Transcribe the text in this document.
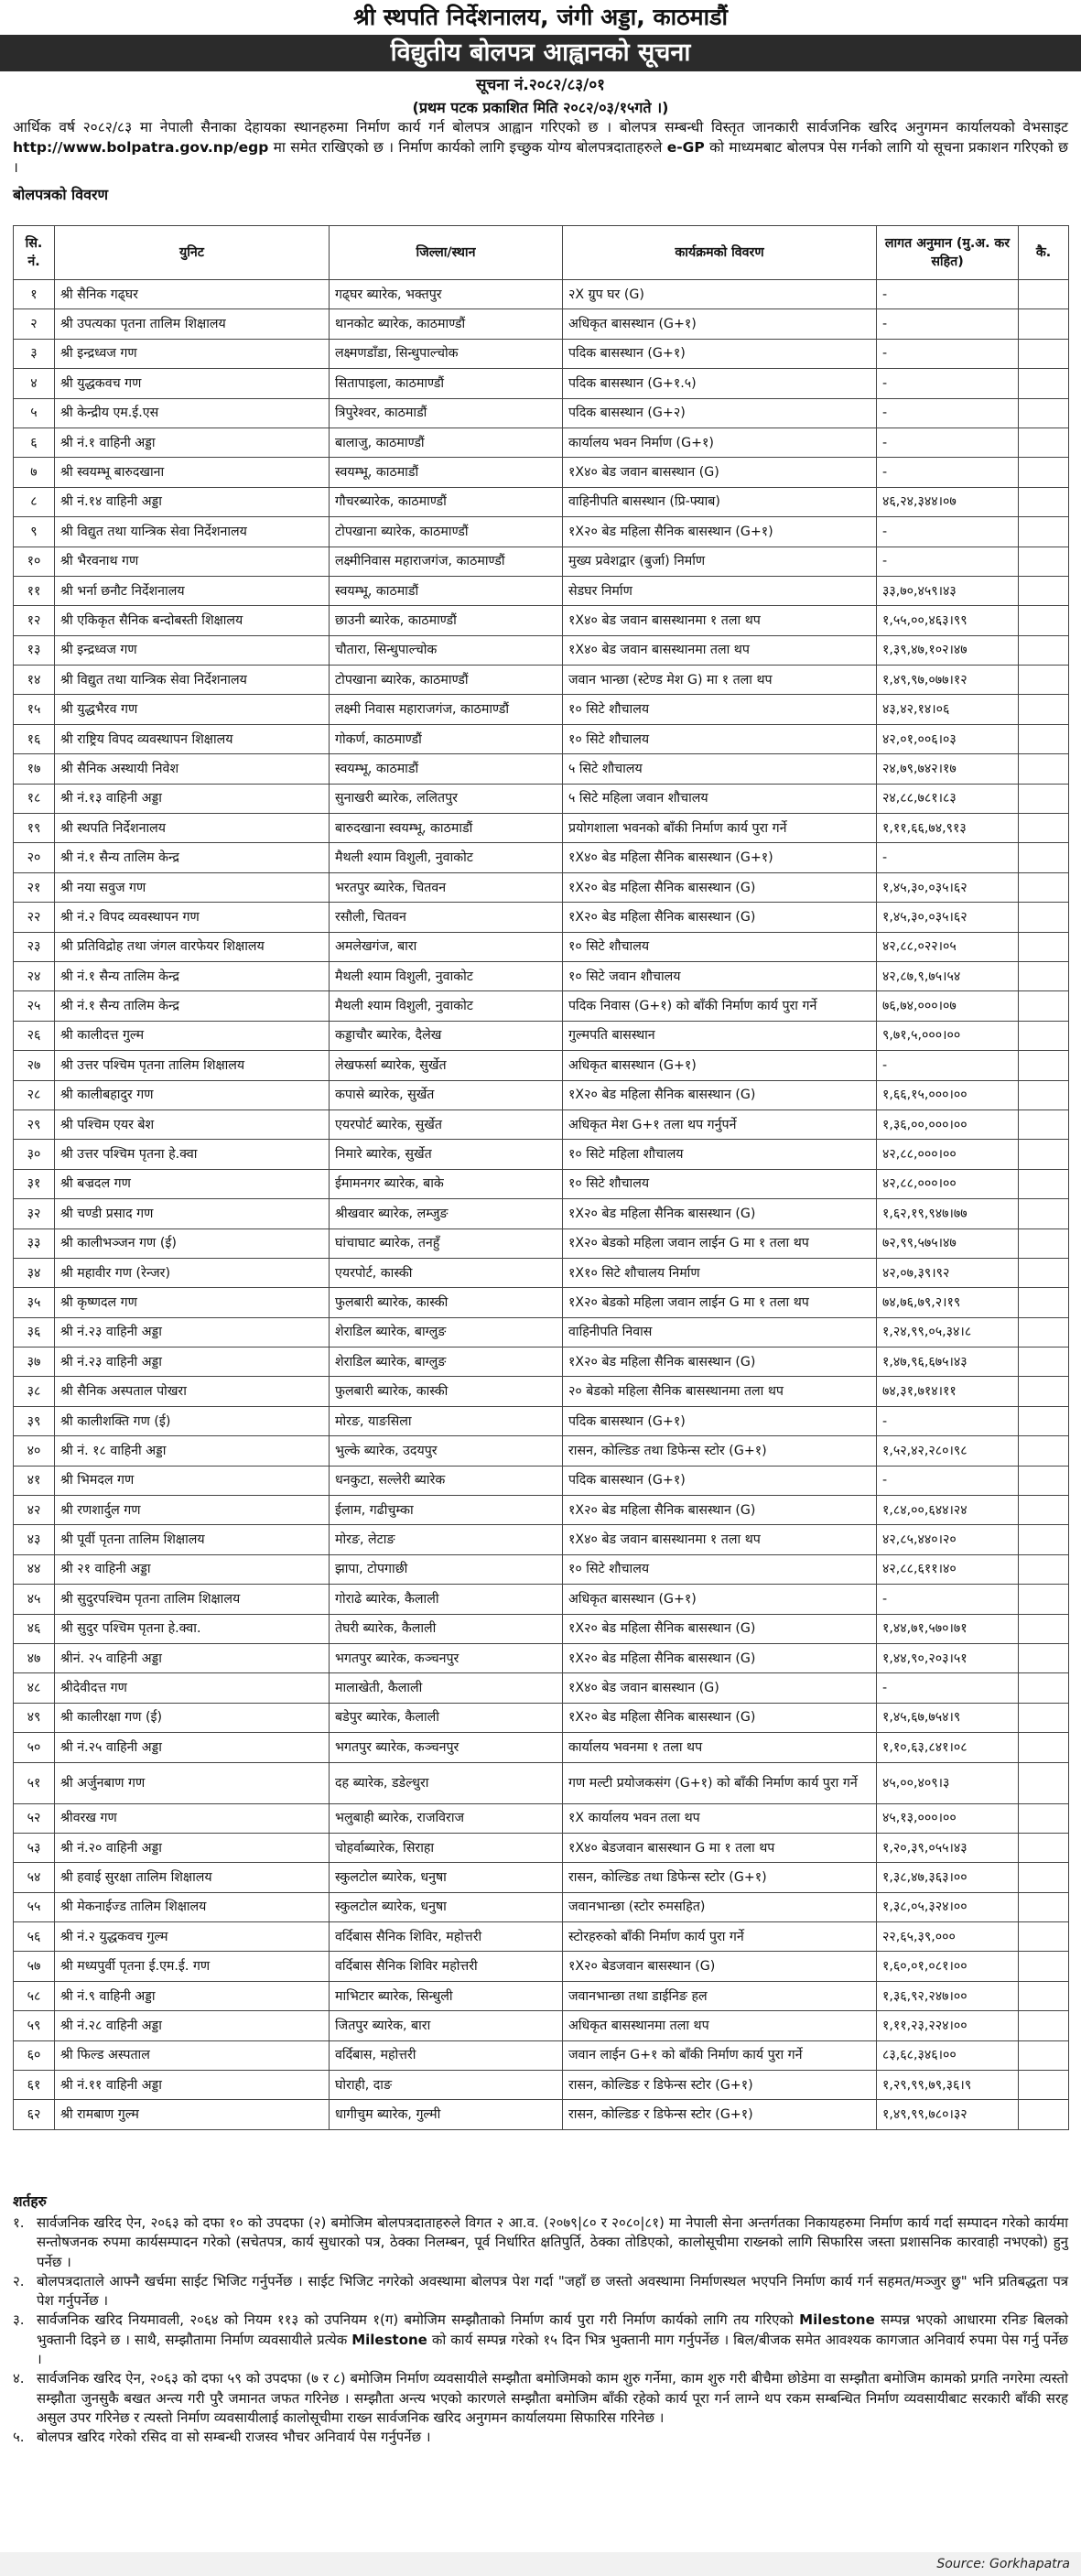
श्री स्थपति निर्देशनालय, जंगी अड्डा, काठमाडौं
विद्युतीय बोलपत्र आह्वानको सूचना
सूचना नं.२०८२/८३/०१
(प्रथम पटक प्रकाशित मिति २०८२/०३/१५गते ।)
आर्थिक वर्ष २०८२/८३ मा नेपाली सैनाका देहायका स्थानहरुमा निर्माण कार्य गर्न बोलपत्र आह्वान गरिएको छ । बोलपत्र सम्बन्धी विस्तृत जानकारी सार्वजनिक खरिद अनुगमन कार्यालयको वेभसाइट http://www.bolpatra.gov.np/egp मा समेत राखिएको छ । निर्माण कार्यको लागि इच्छुक योग्य बोलपत्रदाताहरुले e-GP को माध्यमबाट बोलपत्र पेस गर्नको लागि यो सूचना प्रकाशन गरिएको छ ।
बोलपत्रको विवरण
सि. नं.	युनिट	जिल्ला/स्थान	कार्यक्रमको विवरण	लागत अनुमान (मु.अ. कर सहित)	कै.
१	श्री सैनिक गढ्घर	गढ्घर ब्यारेक, भक्तपुर	२X ग्रुप घर (G)	-	
२	श्री उपत्यका पृतना तालिम शिक्षालय	थानकोट ब्यारेक, काठमाण्डौं	अधिकृत बासस्थान (G+१)	-	
३	श्री इन्द्रध्वज गण	लक्ष्मणडाँडा, सिन्धुपाल्चोक	पदिक बासस्थान (G+१)	-	
४	श्री युद्धकवच गण	सितापाइला, काठमाण्डौं	पदिक बासस्थान (G+१.५)	-	
५	श्री केन्द्रीय एम.ई.एस	त्रिपुरेश्वर, काठमाडौं	पदिक बासस्थान (G+२)	-	
६	श्री नं.१ वाहिनी अड्डा	बालाजु, काठमाण्डौं	कार्यालय भवन निर्माण (G+१)	-	
७	श्री स्वयम्भू बारुदखाना	स्वयम्भू, काठमाडौं	१X४० बेड जवान बासस्थान (G)	-	
८	श्री नं.१४ वाहिनी अड्डा	गौचरब्यारेक, काठमाण्डौं	वाहिनीपति बासस्थान (प्रि-फ्याब)	४६,२४,३४४।०७	
९	श्री विद्युत तथा यान्त्रिक सेवा निर्देशनालय	टोपखाना ब्यारेक, काठमाण्डौं	१X२० बेड महिला सैनिक बासस्थान (G+१)	-	
१०	श्री भैरवनाथ गण	लक्ष्मीनिवास महाराजगंज, काठमाण्डौं	मुख्य प्रवेशद्वार (बुर्जा) निर्माण	-	
११	श्री भर्ना छनौट निर्देशनालय	स्वयम्भू, काठमाडौं	सेडघर निर्माण	३३,७०,४५९।४३	
१२	श्री एकिकृत सैनिक बन्दोबस्ती शिक्षालय	छाउनी ब्यारेक, काठमाण्डौं	१X४० बेड जवान बासस्थानमा १ तला थप	१,५५,००,४६३।९९	
१३	श्री इन्द्रध्वज गण	चौतारा, सिन्धुपाल्चोक	१X४० बेड जवान बासस्थानमा तला थप	१,३९,४७,१०२।४७	
१४	श्री विद्युत तथा यान्त्रिक सेवा निर्देशनालय	टोपखाना ब्यारेक, काठमाण्डौं	जवान भान्छा (स्टेण्ड मेश G) मा १ तला थप	१,४९,९७,०७७।१२	
१५	श्री युद्धभैरव गण	लक्ष्मी निवास महाराजगंज, काठमाण्डौं	१० सिटे शौचालय	४३,४२,१४।०६	
१६	श्री राष्ट्रिय विपद व्यवस्थापन शिक्षालय	गोकर्ण, काठमाण्डौं	१० सिटे शौचालय	४२,०१,००६।०३	
१७	श्री सैनिक अस्थायी निवेश	स्वयम्भू, काठमाडौं	५ सिटे शौचालय	२४,७९,७४२।१७	
१८	श्री नं.१३ वाहिनी अड्डा	सुनाखरी ब्यारेक, ललितपुर	५ सिटे महिला जवान शौचालय	२४,८८,७८१।८३	
१९	श्री स्थपति निर्देशनालय	बारुदखाना स्वयम्भू, काठमाडौं	प्रयोगशाला भवनको बाँकी निर्माण कार्य पुरा गर्ने	१,११,६६,७४,९१३	
२०	श्री नं.१ सैन्य तालिम केन्द्र	मैथली श्याम विशुली, नुवाकोट	१X४० बेड महिला सैनिक बासस्थान (G+१)	-	
२१	श्री नया सवुज गण	भरतपुर ब्यारेक, चितवन	१X२० बेड महिला सैनिक बासस्थान (G)	१,४५,३०,०३५।६२	
२२	श्री नं.२ विपद व्यवस्थापन गण	रसौली, चितवन	१X२० बेड महिला सैनिक बासस्थान (G)	१,४५,३०,०३५।६२	
२३	श्री प्रतिविद्रोह तथा जंगल वारफेयर शिक्षालय	अमलेखगंज, बारा	१० सिटे शौचालय	४२,८८,०२२।०५	
२४	श्री नं.१ सैन्य तालिम केन्द्र	मैथली श्याम विशुली, नुवाकोट	१० सिटे जवान शौचालय	४२,८७,९,७५।५४	
२५	श्री नं.१ सैन्य तालिम केन्द्र	मैथली श्याम विशुली, नुवाकोट	पदिक निवास (G+१) को बाँकी निर्माण कार्य पुरा गर्ने	७६,७४,०००।०७	
२६	श्री कालीदत्त गुल्म	कड्डाचौर ब्यारेक, दैलेख	गुल्मपति बासस्थान	९,७१,५,०००।००	
२७	श्री उत्तर पश्चिम पृतना तालिम शिक्षालय	लेखफर्सा ब्यारेक, सुर्खेत	अधिकृत बासस्थान (G+१)	-	
२८	श्री कालीबहादुर गण	कपासे ब्यारेक, सुर्खेत	१X२० बेड महिला सैनिक बासस्थान (G)	१,६६,१५,०००।००	
२९	श्री पश्चिम एयर बेश	एयरपोर्ट ब्यारेक, सुर्खेत	अधिकृत मेश G+१ तला थप गर्नुपर्ने	१,३६,००,०००।००	
३०	श्री उत्तर पश्चिम पृतना हे.क्वा	निमारे ब्यारेक, सुर्खेत	१० सिटे महिला शौचालय	४२,८८,०००।००	
३१	श्री बज्रदल गण	ईमामनगर ब्यारेक, बाके	१० सिटे शौचालय	४२,८८,०००।००	
३२	श्री चण्डी प्रसाद गण	श्रीखवार ब्यारेक, लम्जुङ	१X२० बेड महिला सैनिक बासस्थान (G)	१,६२,१९,९४७।७७	
३३	श्री कालीभञ्जन गण (ई)	घांचाघाट ब्यारेक, तनहुँ	१X२० बेडको महिला जवान लाईन G मा १ तला थप	७२,९९,५७५।४७	
३४	श्री महावीर गण (रेन्जर)	एयरपोर्ट, कास्की	१X१० सिटे शौचालय निर्माण	४२,०७,३९।९२	
३५	श्री कृष्णदल गण	फुलबारी ब्यारेक, कास्की	१X२० बेडको महिला जवान लाईन G मा १ तला थप	७४,७६,७९,२।१९	
३६	श्री नं.२३ वाहिनी अड्डा	शेराडिल ब्यारेक, बाग्लुङ	वाहिनीपति निवास	१,२४,९९,०५,३४।८	
३७	श्री नं.२३ वाहिनी अड्डा	शेराडिल ब्यारेक, बाग्लुङ	१X२० बेड महिला सैनिक बासस्थान (G)	१,४७,९६,६७५।४३	
३८	श्री सैनिक अस्पताल पोखरा	फुलबारी ब्यारेक, कास्की	२० बेडको महिला सैनिक बासस्थानमा तला थप	७४,३१,७१४।११	
३९	श्री कालीशक्ति गण (ई)	मोरङ, याङसिला	पदिक बासस्थान (G+१)	-	
४०	श्री नं. १८ वाहिनी अड्डा	भुल्के ब्यारेक, उदयपुर	रासन, कोल्डिङ तथा डिफेन्स स्टोर (G+१)	१,५२,४२,२८०।९८	
४१	श्री भिमदल गण	धनकुटा, सल्लेरी ब्यारेक	पदिक बासस्थान (G+१)	-	
४२	श्री रणशार्दुल गण	ईलाम, गढीचुम्का	१X२० बेड महिला सैनिक बासस्थान (G)	१,८४,००,६४४।२४	
४३	श्री पूर्वी पृतना तालिम शिक्षालय	मोरङ, लेटाङ	१X४० बेड जवान बासस्थानमा १ तला थप	४२,८५,४४०।२०	
४४	श्री २१ वाहिनी अड्डा	झापा, टोपगाछी	१० सिटे शौचालय	४२,८८,६११।४०	
४५	श्री सुदुरपश्चिम पृतना तालिम शिक्षालय	गोराढे ब्यारेक, कैलाली	अधिकृत बासस्थान (G+१)	-	
४६	श्री सुदुर पश्चिम पृतना हे.क्वा.	तेघरी ब्यारेक, कैलाली	१X२० बेड महिला सैनिक बासस्थान (G)	१,४४,७१,५७०।७१	
४७	श्रीनं. २५ वाहिनी अड्डा	भगतपुर ब्यारेक, कञ्चनपुर	१X२० बेड महिला सैनिक बासस्थान (G)	१,४४,९०,२०३।५१	
४८	श्रीदेवीदत्त गण	मालाखेती, कैलाली	१X४० बेड जवान बासस्थान (G)	-	
४९	श्री कालीरक्षा गण (ई)	बडेपुर ब्यारेक, कैलाली	१X२० बेड महिला सैनिक बासस्थान (G)	१,४५,६७,७५४।९	
५०	श्री नं.२५ वाहिनी अड्डा	भगतपुर ब्यारेक, कञ्चनपुर	कार्यालय भवनमा १ तला थप	१,१०,६३,८४१।०८	
५१	श्री अर्जुनबाण गण	दह ब्यारेक, डडेल्धुरा	गण मल्टी प्रयोजकसंग (G+१) को बाँकी निर्माण कार्य पुरा गर्ने	४५,००,४०९।३	
५२	श्रीवरख गण	भलुबाही ब्यारेक, राजविराज	१X कार्यालय भवन तला थप	४५,१३,०००।००	
५३	श्री नं.२० वाहिनी अड्डा	चोहर्वाब्यारेक, सिराहा	१X४० बेडजवान बासस्थान G मा १ तला थप	१,२०,३९,०५५।४३	
५४	श्री हवाई सुरक्षा तालिम शिक्षालय	स्कुलटोल ब्यारेक, धनुषा	रासन, कोल्डिङ तथा डिफेन्स स्टोर (G+१)	१,३८,४७,३६३।००	
५५	श्री मेकनाईज्ड तालिम शिक्षालय	स्कुलटोल ब्यारेक, धनुषा	जवानभान्छा (स्टोर रुमसहित)	१,३८,०५,३२४।००	
५६	श्री नं.२ युद्धकवच गुल्म	वर्दिबास सैनिक शिविर, महोत्तरी	स्टोरहरुको बाँकी निर्माण कार्य पुरा गर्ने	२२,६५,३९,०००	
५७	श्री मध्यपुर्वी पृतना ई.एम.ई. गण	वर्दिबास सैनिक शिविर महोत्तरी	१X२० बेडजवान बासस्थान (G)	१,६०,०१,०८१।००	
५८	श्री नं.९ वाहिनी अड्डा	माभिटार ब्यारेक, सिन्धुली	जवानभान्छा तथा डाईनिङ हल	१,३६,९२,२४७।००	
५९	श्री नं.२८ वाहिनी अड्डा	जितपुर ब्यारेक, बारा	अधिकृत बासस्थानमा तला थप	१,११,२३,२२४।००	
६०	श्री फिल्ड अस्पताल	वर्दिबास, महोत्तरी	जवान लाईन G+१ को बाँकी निर्माण कार्य पुरा गर्ने	८३,६८,३४६।००	
६१	श्री नं.११ वाहिनी अड्डा	घोराही, दाङ	रासन, कोल्डिङ र डिफेन्स स्टोर (G+१)	१,२९,९९,७९,३६।९	
६२	श्री रामबाण गुल्म	धागीचुम ब्यारेक, गुल्मी	रासन, कोल्डिङ र डिफेन्स स्टोर (G+१)	१,४९,९९,७८०।३२	
शर्तहरु
१. सार्वजनिक खरिद ऐन, २०६३ को दफा १० को उपदफा (२) बमोजिम बोलपत्रदाताहरुले विगत २ आ.व. (२०७९|८० र २०८०|८१) मा नेपाली सेना अन्तर्गतका निकायहरुमा निर्माण कार्य गर्दा सम्पादन गरेको कार्यमा सन्तोषजनक रुपमा कार्यसम्पादन गरेको (सचेतपत्र, कार्य सुधारको पत्र, ठेक्का निलम्बन, पूर्व निर्धारित क्षतिपुर्ति, ठेक्का तोडिएको, कालोसूचीमा राख्नको लागि सिफारिस जस्ता प्रशासनिक कारवाही नभएको) हुनु पर्नेछ ।
२. बोलपत्रदाताले आफ्नै खर्चमा साईट भिजिट गर्नुपर्नेछ । साईट भिजिट नगरेको अवस्थामा बोलपत्र पेश गर्दा "जहाँ छ जस्तो अवस्थामा निर्माणस्थल भएपनि निर्माण कार्य गर्न सहमत/मञ्जुर छु" भनि प्रतिबद्धता पत्र पेश गर्नुपर्नेछ ।
३. सार्वजनिक खरिद नियमावली, २०६४ को नियम ११३ को उपनियम १(ग) बमोजिम सम्झौताको निर्माण कार्य पुरा गरी निर्माण कार्यको लागि तय गरिएको Milestone सम्पन्न भएको आधारमा रनिङ बिलको भुक्तानी दिइने छ । साथै, सम्झौतामा निर्माण व्यवसायीले प्रत्येक Milestone को कार्य सम्पन्न गरेको १५ दिन भित्र भुक्तानी माग गर्नुपर्नेछ । बिल/बीजक समेत आवश्यक कागजात अनिवार्य रुपमा पेस गर्नु पर्नेछ ।
४. सार्वजनिक खरिद ऐन, २०६३ को दफा ५९ को उपदफा (७ र ८) बमोजिम निर्माण व्यवसायीले सम्झौता बमोजिमको काम शुरु गर्नेमा, काम शुरु गरी बीचैमा छोडेमा वा सम्झौता बमोजिम कामको प्रगति नगरेमा त्यस्तो सम्झौता जुनसुकै बखत अन्त्य गरी पुरै जमानत जफत गरिनेछ । सम्झौता अन्त्य भएको कारणले सम्झौता बमोजिम बाँकी रहेको कार्य पूरा गर्न लाग्ने थप रकम सम्बन्धित निर्माण व्यवसायीबाट सरकारी बाँकी सरह असुल उपर गरिनेछ र त्यस्तो निर्माण व्यवसायीलाई कालोसूचीमा राख्न सार्वजनिक खरिद अनुगमन कार्यालयमा सिफारिस गरिनेछ ।
५. बोलपत्र खरिद गरेको रसिद वा सो सम्बन्धी राजस्व भौचर अनिवार्य पेस गर्नुपर्नेछ ।
Source: Gorkhapatra
